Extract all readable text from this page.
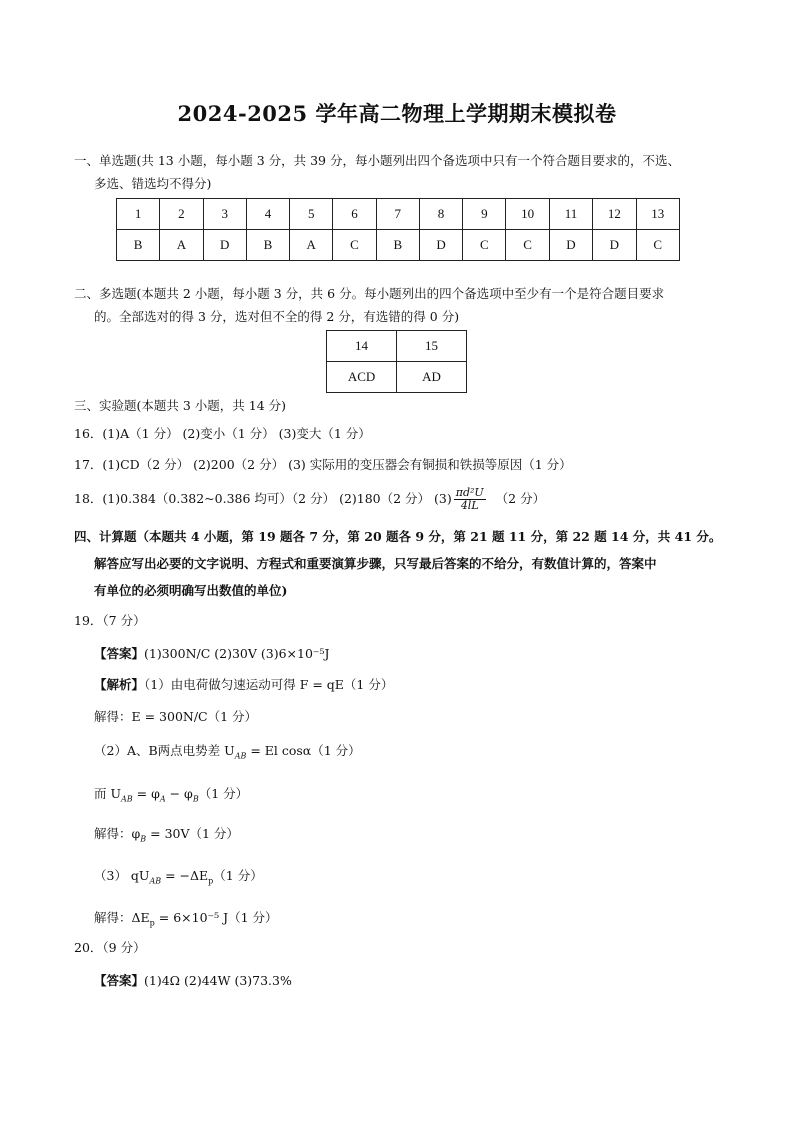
2024-2025 学年高二物理上学期期末模拟卷
一、单选题(共 13 小题，每小题 3 分，共 39 分，每小题列出四个备选项中只有一个符合题目要求的，不选、
多选、错选均不得分)
1	2	3	4	5	6	7	8	9	10	11	12	13
B	A	D	B	A	C	B	D	C	C	D	D	C
二、多选题(本题共 2 小题，每小题 3 分，共 6 分。每小题列出的四个备选项中至少有一个是符合题目要求
的。全部选对的得 3 分，选对但不全的得 2 分，有选错的得 0 分)
14	15
ACD	AD
三、实验题(本题共 3 小题，共 14 分)
16．(1)A（1 分） (2)变小（1 分） (3)变大（1 分）
17．(1)CD（2 分） (2)200（2 分） (3) 实际用的变压器会有铜损和铁损等原因（1 分）
18．(1)0.384（0.382~0.386 均可）（2 分） (2)180（2 分） $(3) \frac{\text{πd²U}}{4lL} (2$ 分）
四、计算题（本题共 4 小题，第 19 题各 7 分，第 20 题各 9 分，第 21 题 11 分，第 22 题 14 分，共 41 分。
解答应写出必要的文字说明、方程式和重要演算步骤，只写最后答案的不给分，有数值计算的，答案中
有单位的必须明确写出数值的单位)
19．（7 分）
【答案】(1)300N/C (2)30V (3)6×10⁻⁵J
【解析】（1）由电荷做匀速运动可得 F = qE（1 分）
解得：E = 300N/C（1 分）
（2）A、B两点电势差 $U_{AB} = El$ cosα（1 分）
而 $U_{AB} = \varphi_A - \varphi_B(1$ 分）
解得：$\varphi_B = 30V(1$ 分）
（3） $qU_{AB} = -\Delta E_p(1$ 分）
解得：$\Delta E_p = 6\times 10^{-5}$ J（1 分）
20．（9 分）
【答案】(1)4Ω (2)44W (3)73.3%
